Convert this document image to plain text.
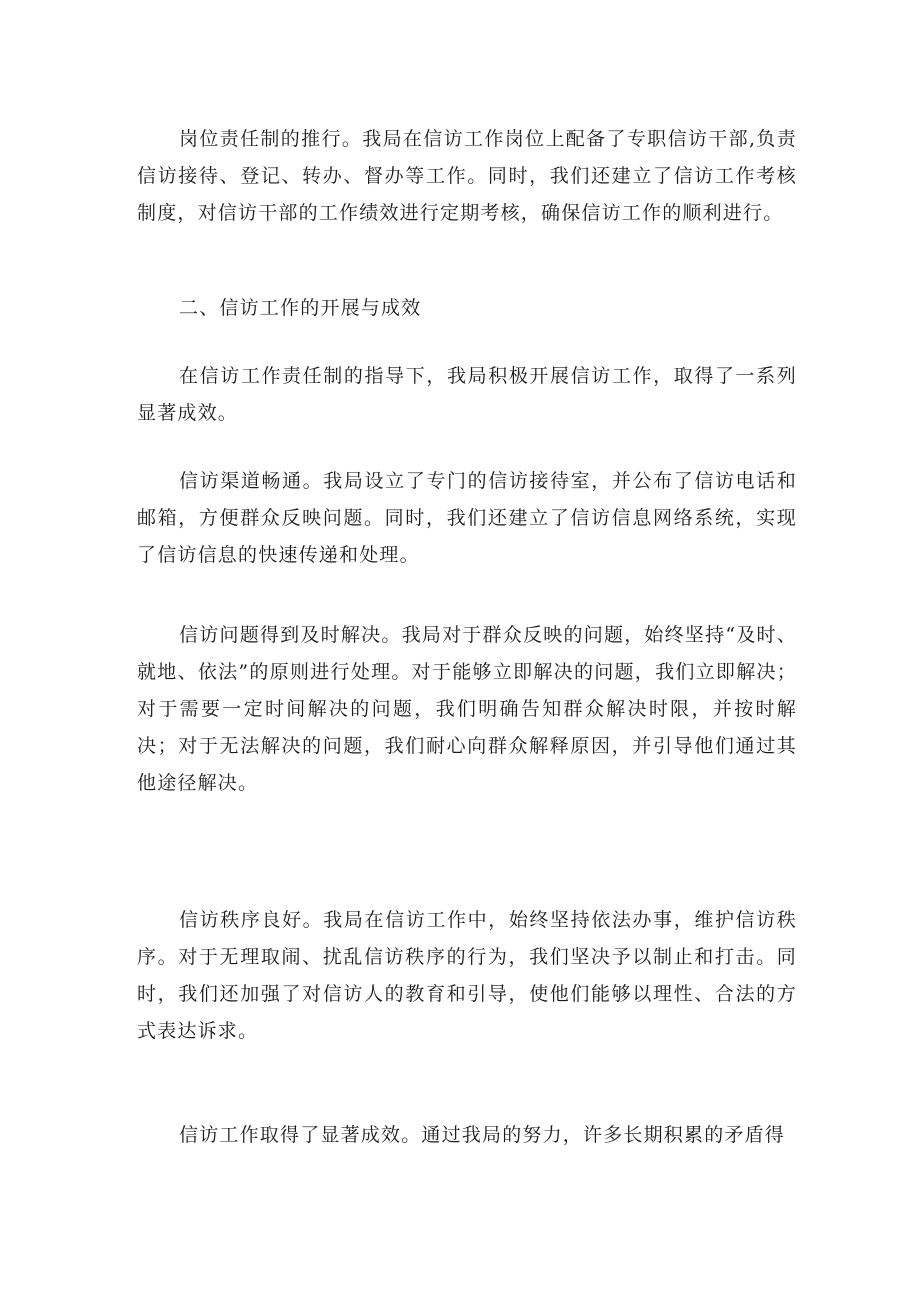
岗位责任制的推行。我局在信访工作岗位上配备了专职信访干部,负责信访接待、登记、转办、督办等工作。同时，我们还建立了信访工作考核制度，对信访干部的工作绩效进行定期考核，确保信访工作的顺利进行。

二、信访工作的开展与成效

在信访工作责任制的指导下，我局积极开展信访工作，取得了一系列显著成效。

信访渠道畅通。我局设立了专门的信访接待室，并公布了信访电话和邮箱，方便群众反映问题。同时，我们还建立了信访信息网络系统，实现了信访信息的快速传递和处理。

信访问题得到及时解决。我局对于群众反映的问题，始终坚持“及时、就地、依法”的原则进行处理。对于能够立即解决的问题，我们立即解决；对于需要一定时间解决的问题，我们明确告知群众解决时限，并按时解决；对于无法解决的问题，我们耐心向群众解释原因，并引导他们通过其他途径解决。

信访秩序良好。我局在信访工作中，始终坚持依法办事，维护信访秩序。对于无理取闹、扰乱信访秩序的行为，我们坚决予以制止和打击。同时，我们还加强了对信访人的教育和引导，使他们能够以理性、合法的方式表达诉求。

信访工作取得了显著成效。通过我局的努力，许多长期积累的矛盾得
